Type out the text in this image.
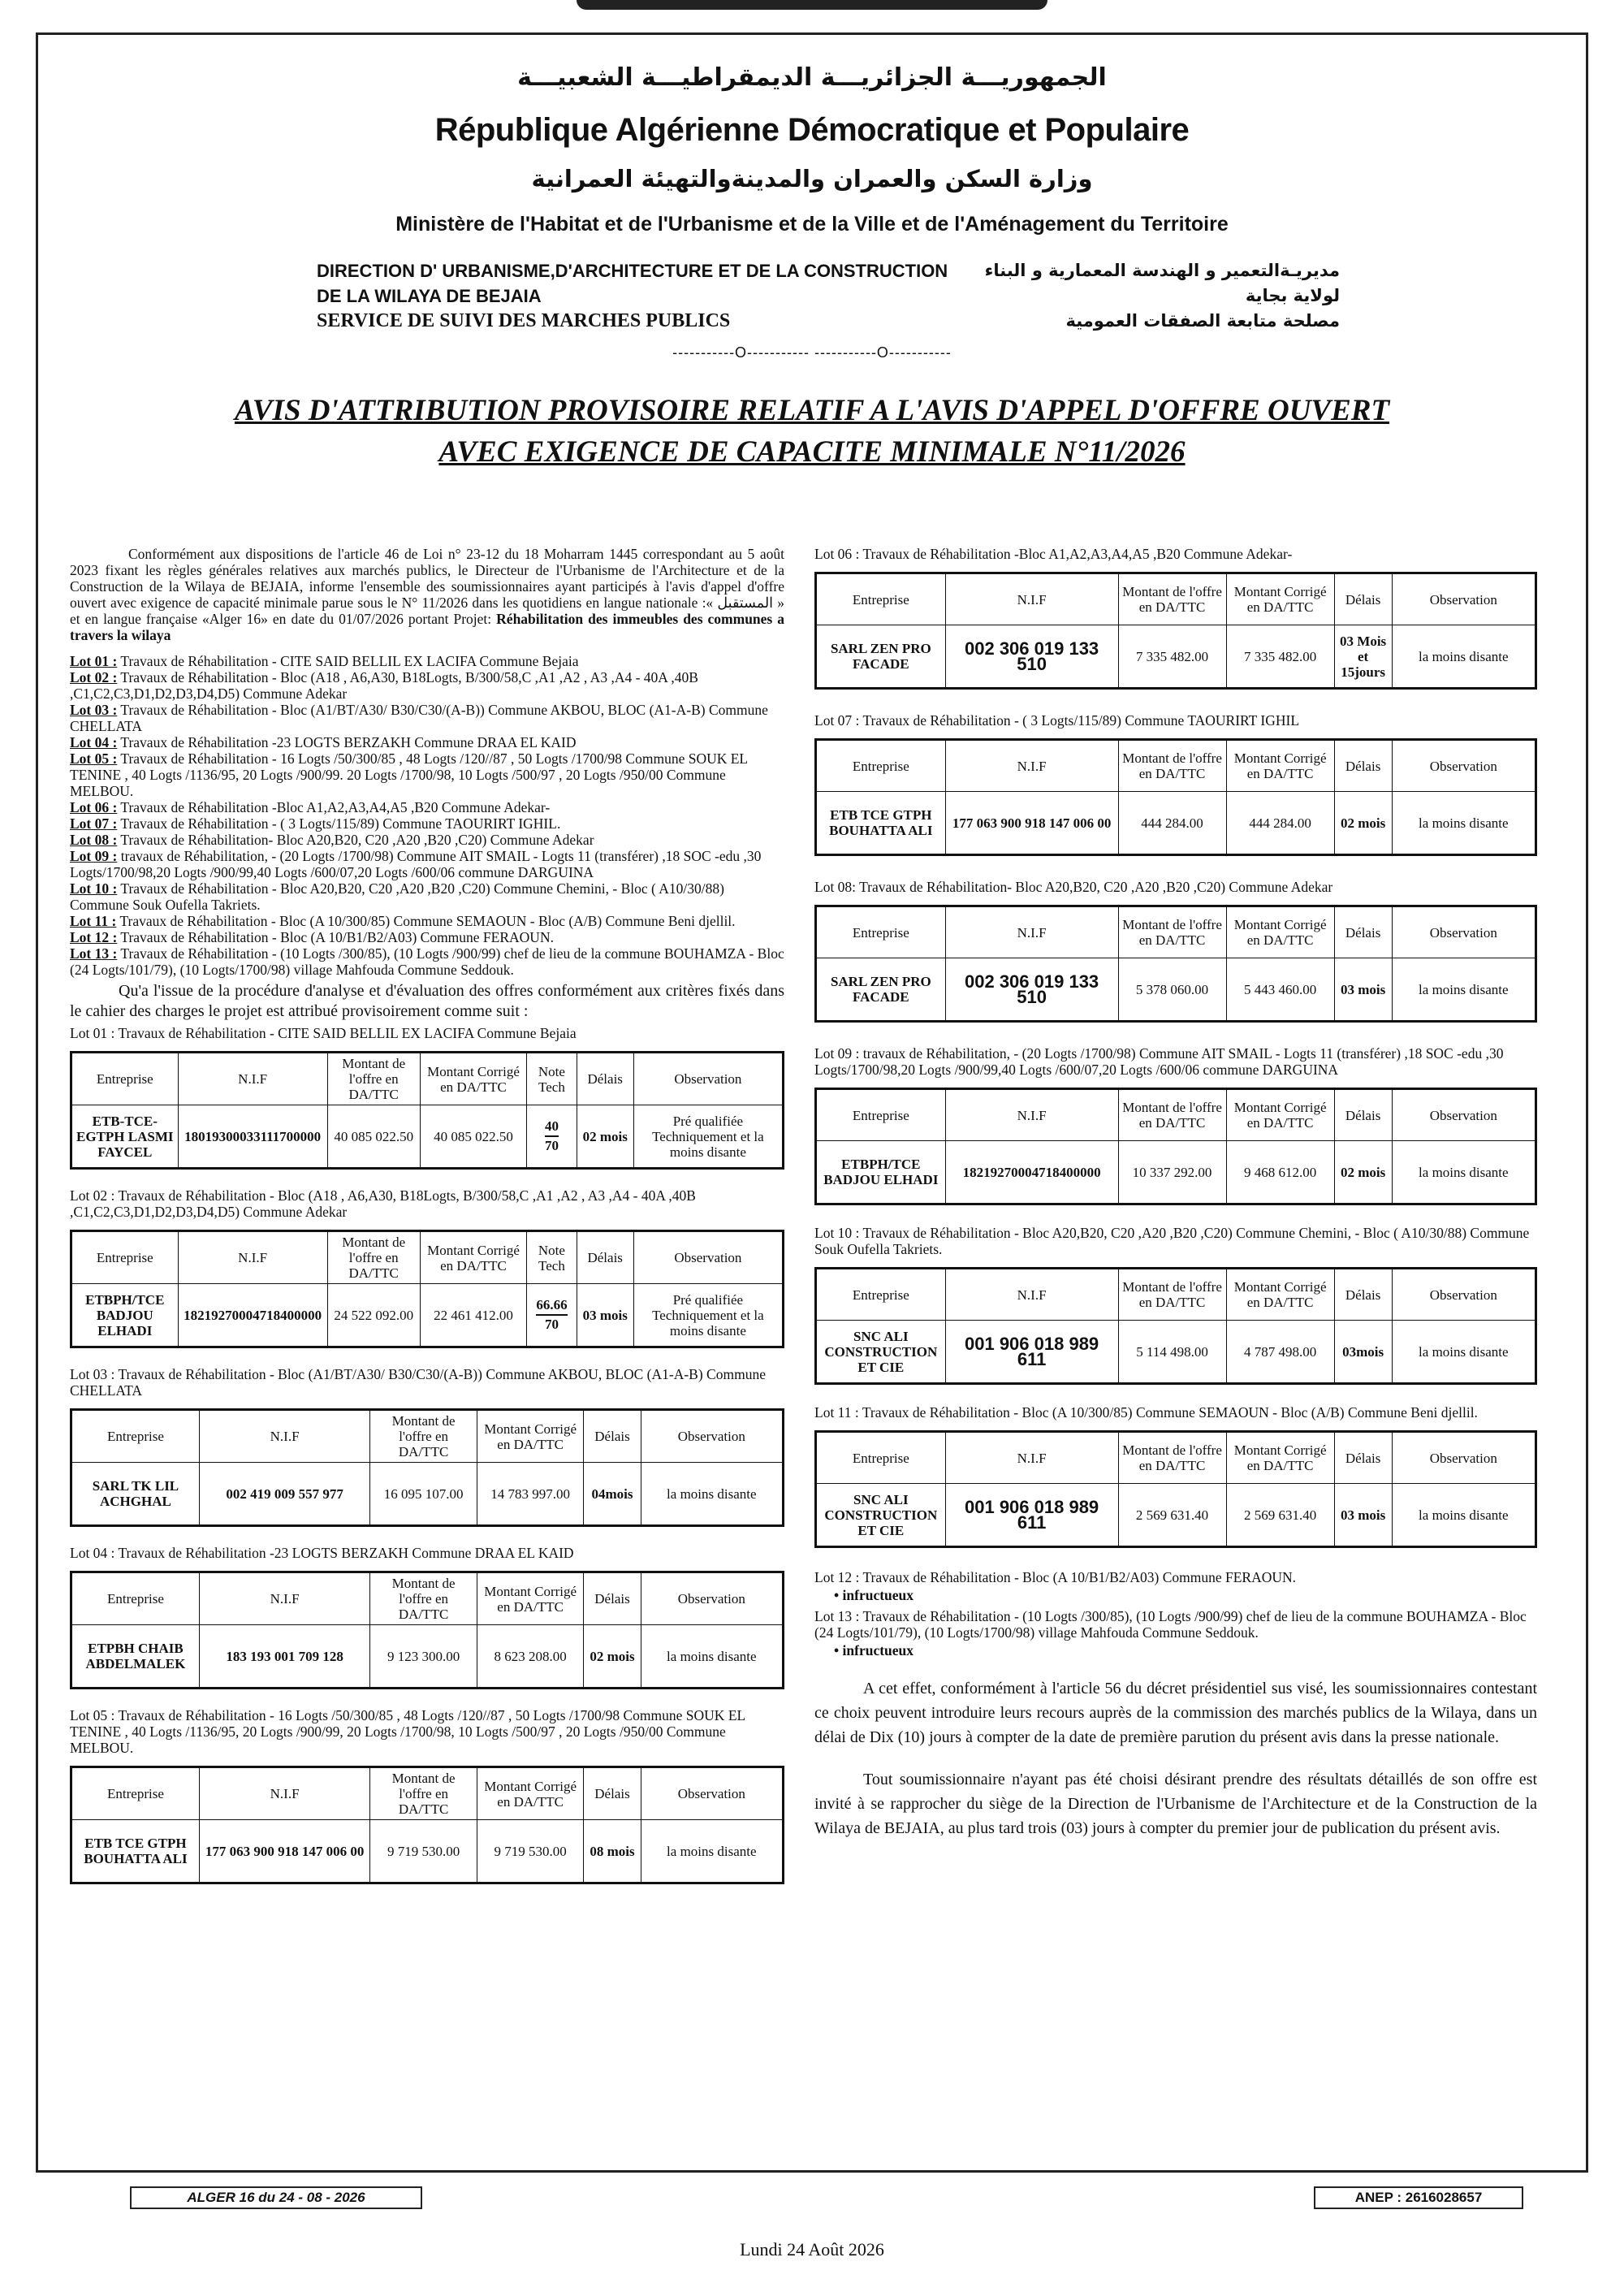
الجمهوريـــة الجزائريـــة الديمقراطيـــة الشعبيـــة
République Algérienne Démocratique et Populaire
وزارة السكن والعمران والمدينةوالتهيئة العمرانية
Ministère de l'Habitat et de l'Urbanisme et de la Ville et de l'Aménagement du Territoire
DIRECTION D' URBANISME,D'ARCHITECTURE ET DE LA CONSTRUCTION
DE LA WILAYA DE BEJAIA
SERVICE DE SUIVI DES MARCHES PUBLICS
مديريـةالتعمير و الهندسة المعمارية و البناء
لولاية بجاية
مصلحة متابعة الصفقات العمومية
-----------O----------- -----------O-----------
AVIS D'ATTRIBUTION PROVISOIRE RELATIF A L'AVIS D'APPEL D'OFFRE OUVERT
AVEC EXIGENCE DE CAPACITE MINIMALE N°11/2026

Conformément aux dispositions de l'article 46 de Loi n° 23-12 du 18 Moharram 1445 correspondant au 5 août 2023 fixant les règles générales relatives aux marchés publics, le Directeur de l'Urbanisme de l'Architecture et de la Construction de la Wilaya de BEJAIA, informe l'ensemble des soumissionnaires ayant participés à l'avis d'appel d'offre ouvert avec exigence de capacité minimale parue sous le N° 11/2026 dans les quotidiens en langue nationale :« المستقبل » et en langue française «Alger 16» en date du 01/07/2026 portant Projet: Réhabilitation des immeubles des communes a travers la wilaya

Lot 01 : Travaux de Réhabilitation - CITE SAID BELLIL EX LACIFA Commune Bejaia

Lot 02 : Travaux de Réhabilitation - Bloc (A18 , A6,A30, B18Logts, B/300/58,C ,A1 ,A2 , A3 ,A4 - 40A ,40B ,C1,C2,C3,D1,D2,D3,D4,D5) Commune Adekar

Lot 03 : Travaux de Réhabilitation - Bloc (A1/BT/A30/ B30/C30/(A-B)) Commune AKBOU, BLOC (A1-A-B) Commune CHELLATA

Lot 04 : Travaux de Réhabilitation -23 LOGTS BERZAKH Commune DRAA EL KAID

Lot 05 : Travaux de Réhabilitation - 16 Logts /50/300/85 , 48 Logts /120//87 , 50 Logts /1700/98 Commune SOUK EL TENINE , 40 Logts /1136/95, 20 Logts /900/99. 20 Logts /1700/98, 10 Logts /500/97 , 20 Logts /950/00 Commune MELBOU.

Lot 06 : Travaux de Réhabilitation -Bloc A1,A2,A3,A4,A5 ,B20 Commune Adekar-

Lot 07 : Travaux de Réhabilitation - ( 3 Logts/115/89) Commune TAOURIRT IGHIL.

Lot 08 : Travaux de Réhabilitation- Bloc A20,B20, C20 ,A20 ,B20 ,C20) Commune Adekar

Lot 09 : travaux de Réhabilitation, - (20 Logts /1700/98) Commune AIT SMAIL - Logts 11 (transférer) ,18 SOC -edu ,30 Logts/1700/98,20 Logts /900/99,40 Logts /600/07,20 Logts /600/06 commune DARGUINA

Lot 10 : Travaux de Réhabilitation - Bloc A20,B20, C20 ,A20 ,B20 ,C20) Commune Chemini, - Bloc ( A10/30/88) Commune Souk Oufella Takriets.

Lot 11 : Travaux de Réhabilitation - Bloc (A 10/300/85) Commune SEMAOUN - Bloc (A/B) Commune Beni djellil.

Lot 12 : Travaux de Réhabilitation - Bloc (A 10/B1/B2/A03) Commune FERAOUN.

Lot 13 : Travaux de Réhabilitation - (10 Logts /300/85), (10 Logts /900/99) chef de lieu de la commune BOUHAMZA - Bloc (24 Logts/101/79), (10 Logts/1700/98) village Mahfouda Commune Seddouk.

Qu'a l'issue de la procédure d'analyse et d'évaluation des offres conformément aux critères fixés dans le cahier des charges le projet est attribué provisoirement comme suit :

Lot 01 : Travaux de Réhabilitation - CITE SAID BELLIL EX LACIFA Commune Bejaia
Entreprise	N.I.F	Montant de l'offre en DA/TTC	Montant Corrigé en DA/TTC	Note Tech	Délais	Observation
ETB-TCE-EGTPH LASMI FAYCEL	18019300033111700000	40 085 022.50	40 085 022.50	$\frac{40}{70}$	02 mois	Pré qualifiée Techniquement et la moins disante
Lot 02 : Travaux de Réhabilitation - Bloc (A18 , A6,A30, B18Logts, B/300/58,C ,A1 ,A2 , A3 ,A4 - 40A ,40B ,C1,C2,C3,D1,D2,D3,D4,D5) Commune Adekar
Entreprise	N.I.F	Montant de l'offre en DA/TTC	Montant Corrigé en DA/TTC	Note Tech	Délais	Observation
ETBPH/TCE BADJOU ELHADI	18219270004718400000	24 522 092.00	22 461 412.00	$\frac{66.66}{70}$	03 mois	Pré qualifiée Techniquement et la moins disante
Lot 03 : Travaux de Réhabilitation - Bloc (A1/BT/A30/ B30/C30/(A-B)) Commune AKBOU, BLOC (A1-A-B) Commune CHELLATA
Entreprise	N.I.F	Montant de l'offre en DA/TTC	Montant Corrigé en DA/TTC	Délais	Observation
SARL TK LIL ACHGHAL	002 419 009 557 977	16 095 107.00	14 783 997.00	04mois	la moins disante
Lot 04 : Travaux de Réhabilitation -23 LOGTS BERZAKH Commune DRAA EL KAID
Entreprise	N.I.F	Montant de l'offre en DA/TTC	Montant Corrigé en DA/TTC	Délais	Observation
ETPBH CHAIB ABDELMALEK	183 193 001 709 128	9 123 300.00	8 623 208.00	02 mois	la moins disante
Lot 05 : Travaux de Réhabilitation - 16 Logts /50/300/85 , 48 Logts /120//87 , 50 Logts /1700/98 Commune SOUK EL TENINE , 40 Logts /1136/95, 20 Logts /900/99, 20 Logts /1700/98, 10 Logts /500/97 , 20 Logts /950/00 Commune MELBOU.
Entreprise	N.I.F	Montant de l'offre en DA/TTC	Montant Corrigé en DA/TTC	Délais	Observation
ETB TCE GTPH BOUHATTA ALI	177 063 900 918 147 006 00	9 719 530.00	9 719 530.00	08 mois	la moins disante
Lot 06 : Travaux de Réhabilitation -Bloc A1,A2,A3,A4,A5 ,B20 Commune Adekar-
Entreprise	N.I.F	Montant de l'offre en DA/TTC	Montant Corrigé en DA/TTC	Délais	Observation
SARL ZEN PRO FACADE	002 306 019 133 510	7 335 482.00	7 335 482.00	03 Mois et 15jours	la moins disante
Lot 07 : Travaux de Réhabilitation - ( 3 Logts/115/89) Commune TAOURIRT IGHIL
Entreprise	N.I.F	Montant de l'offre en DA/TTC	Montant Corrigé en DA/TTC	Délais	Observation
ETB TCE GTPH BOUHATTA ALI	177 063 900 918 147 006 00	444 284.00	444 284.00	02 mois	la moins disante
Lot 08: Travaux de Réhabilitation- Bloc A20,B20, C20 ,A20 ,B20 ,C20) Commune Adekar
Entreprise	N.I.F	Montant de l'offre en DA/TTC	Montant Corrigé en DA/TTC	Délais	Observation
SARL ZEN PRO FACADE	002 306 019 133 510	5 378 060.00	5 443 460.00	03 mois	la moins disante
Lot 09 : travaux de Réhabilitation, - (20 Logts /1700/98) Commune AIT SMAIL - Logts 11 (transférer) ,18 SOC -edu ,30 Logts/1700/98,20 Logts /900/99,40 Logts /600/07,20 Logts /600/06 commune DARGUINA
Entreprise	N.I.F	Montant de l'offre en DA/TTC	Montant Corrigé en DA/TTC	Délais	Observation
ETBPH/TCE BADJOU ELHADI	18219270004718400000	10 337 292.00	9 468 612.00	02 mois	la moins disante
Lot 10 : Travaux de Réhabilitation - Bloc A20,B20, C20 ,A20 ,B20 ,C20) Commune Chemini, - Bloc ( A10/30/88) Commune Souk Oufella Takriets.
Entreprise	N.I.F	Montant de l'offre en DA/TTC	Montant Corrigé en DA/TTC	Délais	Observation
SNC ALI CONSTRUCTION ET CIE	001 906 018 989 611	5 114 498.00	4 787 498.00	03mois	la moins disante
Lot 11 : Travaux de Réhabilitation - Bloc (A 10/300/85) Commune SEMAOUN - Bloc (A/B) Commune Beni djellil.
Entreprise	N.I.F	Montant de l'offre en DA/TTC	Montant Corrigé en DA/TTC	Délais	Observation
SNC ALI CONSTRUCTION ET CIE	001 906 018 989 611	2 569 631.40	2 569 631.40	03 mois	la moins disante
Lot 12 : Travaux de Réhabilitation - Bloc (A 10/B1/B2/A03) Commune FERAOUN.
• infructueux
Lot 13 : Travaux de Réhabilitation - (10 Logts /300/85), (10 Logts /900/99) chef de lieu de la commune BOUHAMZA - Bloc (24 Logts/101/79), (10 Logts/1700/98) village Mahfouda Commune Seddouk.
• infructueux

A cet effet, conformément à l'article 56 du décret présidentiel sus visé, les soumissionnaires contestant ce choix peuvent introduire leurs recours auprès de la commission des marchés publics de la Wilaya, dans un délai de Dix (10) jours à compter de la date de première parution du présent avis dans la presse nationale.

Tout soumissionnaire n'ayant pas été choisi désirant prendre des résultats détaillés de son offre est invité à se rapprocher du siège de la Direction de l'Urbanisme de l'Architecture et de la Construction de la Wilaya de BEJAIA, au plus tard trois (03) jours à compter du premier jour de publication du présent avis.

ALGER 16 du 24 - 08 - 2026	ANEP : 2616028657
Lundi 24 Août 2026
